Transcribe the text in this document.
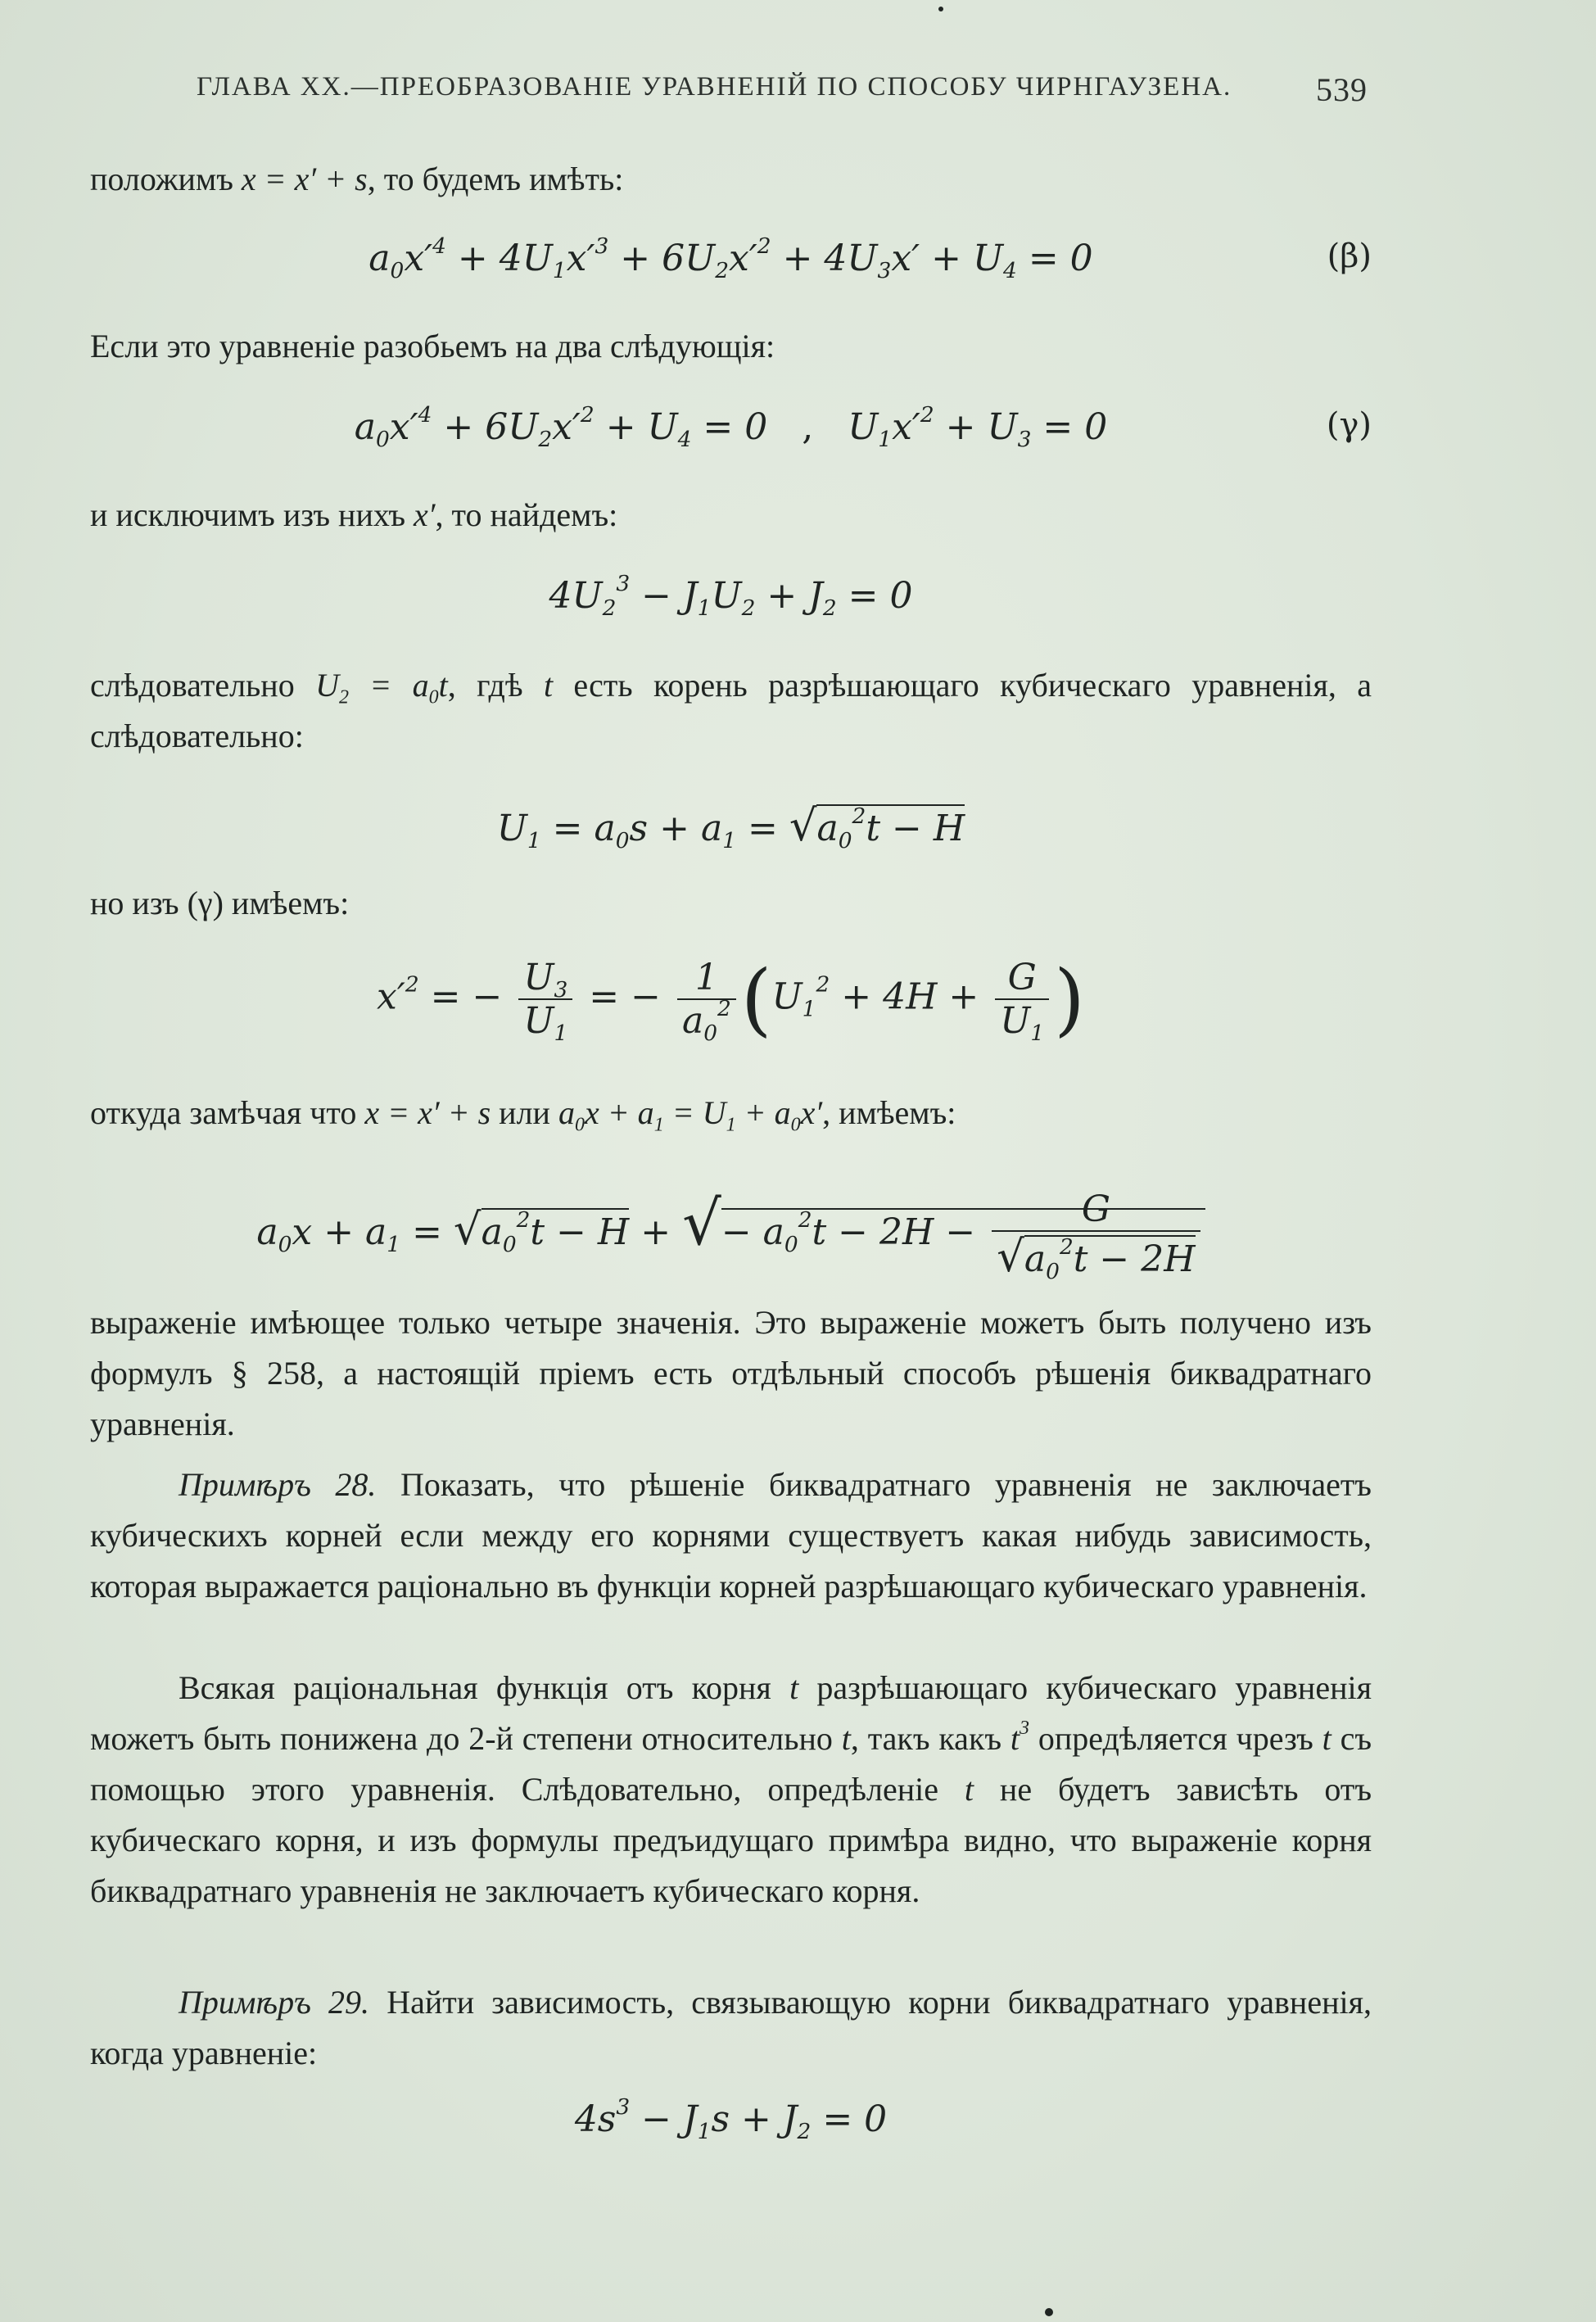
ГЛАВА XX.—ПРЕОБРАЗОВАНІЕ УРАВНЕНІЙ ПО СПОСОБУ ЧИРНГАУЗЕНА.	539
положимъ x = x′ + s, то будемъ имѣть:
$a_0x'^4 + 4U_1x'^3 + 6U_2x'^2 + 4U_3x' + U_4 = 0$	(β)
Если это уравненіе разобьемъ на два слѣдующія:
$a_0x'^4 + 6U_2x'^2 + U_4 = 0$   ,   $U_1x'^2 + U_3 = 0$	(γ)
и исключимъ изъ нихъ x′, то найдемъ:
$4U_2^3 - J_1U_2 + J_2 = 0$
слѣдовательно $U_2 = a_0t$, гдѣ t есть корень разрѣшающаго кубическаго уравненія, а слѣдовательно:
$U_1 = a_0s + a_1 = √a_0^2t - H$
но изъ (γ) имѣемъ:
$x'^2$ = − $\frac{U_3}{U_1}$ = − $\frac{1}{a_0^2} (U_1^2 + 4H + \frac{G}{U_1}$ )
откуда замѣчая что x = x′ + s или $a_0x + a_1 = U_1 + a_0x'$, имѣемъ:
$a_0x + a_1 = √a_0^2t - H$ + √− $a_0^2t - 2H - \frac{G}{√a_0^2t - 2H}$
выраженіе имѣющее только четыре значенія. Это выраженіе можетъ быть получено изъ формулъ § 258, а настоящій пріемъ есть отдѣльный способъ рѣшенія биквадратнаго уравненія.
Примѣръ 28. Показать, что рѣшеніе биквадратнаго уравненія не заключаетъ кубическихъ корней если между его корнями существуетъ какая нибудь зависимость, которая выражается раціонально въ функціи корней разрѣшающаго кубическаго уравненія.
Всякая раціональная функція отъ корня t разрѣшающаго кубическаго уравненія можетъ быть понижена до 2-й степени относительно t, такъ какъ $t^3$ опредѣляется чрезъ t съ помощью этого уравненія. Слѣдовательно, опредѣленіе t не будетъ зависѣть отъ кубическаго корня, и изъ формулы предъидущаго примѣра видно, что выраженіе корня биквадратнаго уравненія не заключаетъ кубическаго корня.
Примѣръ 29. Найти зависимость, связывающую корни биквадратнаго уравненія, когда уравненіе:
$4s^3 - J_1s + J_2 = 0$
